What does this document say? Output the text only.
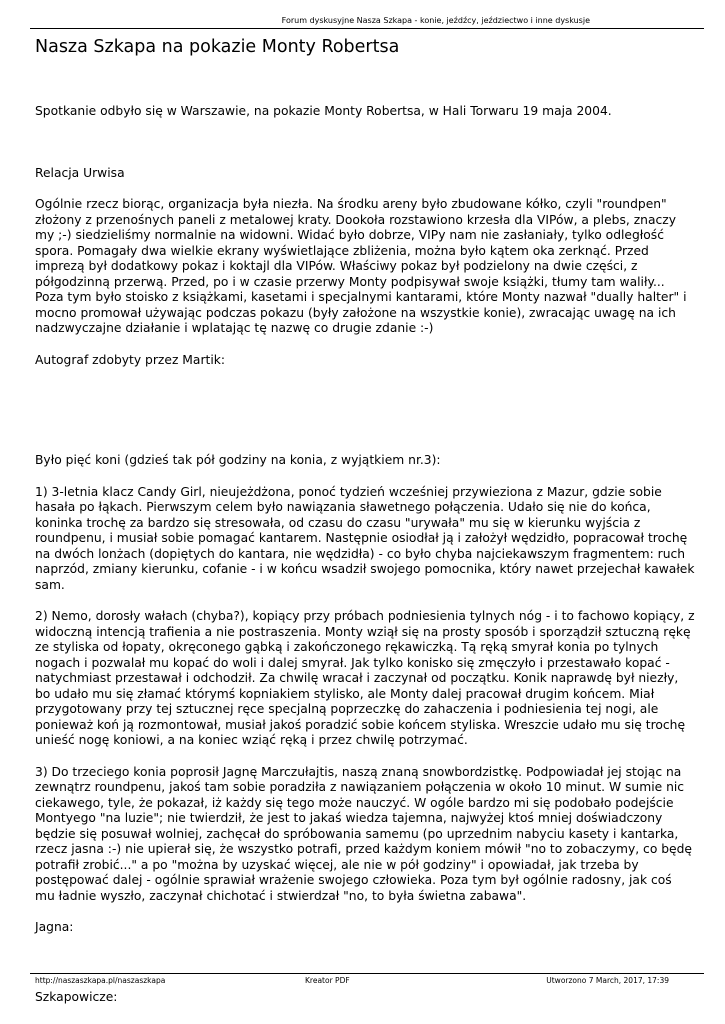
Forum dyskusyjne Nasza Szkapa - konie, jeźdźcy, jeździectwo i inne dyskusje
Nasza Szkapa na pokazie Monty Robertsa

Spotkanie odbyło się w Warszawie, na pokazie Monty Robertsa, w Hali Torwaru 19 maja 2004.

Relacja Urwisa

Ogólnie rzecz biorąc, organizacja była niezła. Na środku areny było zbudowane kółko, czyli "roundpen" złożony z przenośnych paneli z metalowej kraty. Dookoła rozstawiono krzesła dla VIPów, a plebs, znaczy my ;-) siedzieliśmy normalnie na widowni. Widać było dobrze, VIPy nam nie zasłaniały, tylko odległość spora. Pomagały dwa wielkie ekrany wyświetlające zbliżenia, można było kątem oka zerknąć. Przed imprezą był dodatkowy pokaz i koktajl dla VIPów. Właściwy pokaz był podzielony na dwie części, z półgodzinną przerwą. Przed, po i w czasie przerwy Monty podpisywał swoje książki, tłumy tam waliły... Poza tym było stoisko z książkami, kasetami i specjalnymi kantarami, które Monty nazwał "dually halter" i mocno promował używając podczas pokazu (były założone na wszystkie konie), zwracając uwagę na ich nadzwyczajne działanie i wplatając tę nazwę co drugie zdanie :-)

Autograf zdobyty przez Martik:

Było pięć koni (gdzieś tak pół godziny na konia, z wyjątkiem nr.3):

1) 3-letnia klacz Candy Girl, nieujeżdżona, ponoć tydzień wcześniej przywieziona z Mazur, gdzie sobie hasała po łąkach. Pierwszym celem było nawiązania sławetnego połączenia. Udało się nie do końca, koninka trochę za bardzo się stresowała, od czasu do czasu "urywała" mu się w kierunku wyjścia z roundpenu, i musiał sobie pomagać kantarem. Następnie osiodłał ją i założył wędzidło, popracował trochę na dwóch lonżach (dopiętych do kantara, nie wędzidła) - co było chyba najciekawszym fragmentem: ruch naprzód, zmiany kierunku, cofanie - i w końcu wsadził swojego pomocnika, który nawet przejechał kawałek sam.

2) Nemo, dorosły wałach (chyba?), kopiący przy próbach podniesienia tylnych nóg - i to fachowo kopiący, z widoczną intencją trafienia a nie postraszenia. Monty wziął się na prosty sposób i sporządził sztuczną rękę ze styliska od łopaty, okręconego gąbką i zakończonego rękawiczką. Tą ręką smyrał konia po tylnych nogach i pozwalał mu kopać do woli i dalej smyrał. Jak tylko konisko się zmęczyło i przestawało kopać - natychmiast przestawał i odchodził. Za chwilę wracał i zaczynał od początku. Konik naprawdę był niezły, bo udało mu się złamać którymś kopniakiem stylisko, ale Monty dalej pracował drugim końcem. Miał przygotowany przy tej sztucznej ręce specjalną poprzeczkę do zahaczenia i podniesienia tej nogi, ale ponieważ koń ją rozmontował, musiał jakoś poradzić sobie końcem styliska. Wreszcie udało mu się trochę unieść nogę koniowi, a na koniec wziąć ręką i przez chwilę potrzymać.

3) Do trzeciego konia poprosił Jagnę Marczułajtis, naszą znaną snowbordzistkę. Podpowiadał jej stojąc na zewnątrz roundpenu, jakoś tam sobie poradziła z nawiązaniem połączenia w około 10 minut. W sumie nic ciekawego, tyle, że pokazał, iż każdy się tego może nauczyć. W ogóle bardzo mi się podobało podejście Montyego "na luzie"; nie twierdził, że jest to jakaś wiedza tajemna, najwyżej ktoś mniej doświadczony będzie się posuwał wolniej, zachęcał do spróbowania samemu (po uprzednim nabyciu kasety i kantarka, rzecz jasna :-) nie upierał się, że wszystko potrafi, przed każdym koniem mówił "no to zobaczymy, co będę potrafił zrobić..." a po "można by uzyskać więcej, ale nie w pół godziny" i opowiadał, jak trzeba by postępować dalej - ogólnie sprawiał wrażenie swojego człowieka. Poza tym był ogólnie radosny, jak coś mu ładnie wyszło, zaczynał chichotać i stwierdzał "no, to była świetna zabawa".

Jagna:

Szkapowicze:

http://naszaszkapa.pl/naszaszkapa	Kreator PDF	Utworzono 7 March, 2017, 17:39
